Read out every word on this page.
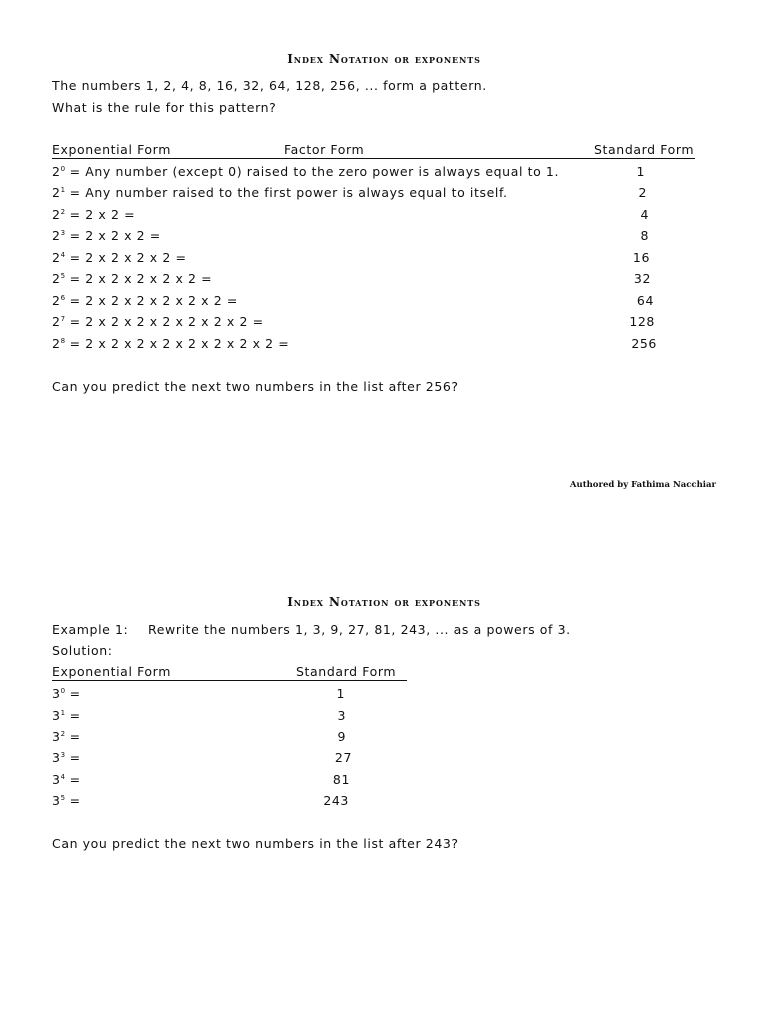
Index Notation or exponents
The numbers 1, 2, 4, 8, 16, 32, 64, 128, 256, ... form a pattern.
What is the rule for this pattern?
Exponential Form	Factor Form	Standard Form
$2^0$ = Any number (except 0) raised to the zero power is always equal to 1.	1
$2^1$ = Any number raised to the first power is always equal to itself.	2
$2^2 = 2$ x 2 =	4
$2^3 = 2$ x 2 x 2 =	8
$2^4 = 2$ x 2 x 2 x 2 =	16
$2^5 = 2$ x 2 x 2 x 2 x 2 =	32
$2^6 = 2$ x 2 x 2 x 2 x 2 x 2 =	64
$2^7 = 2$ x 2 x 2 x 2 x 2 x 2 x 2 =	128
$2^8 = 2$ x 2 x 2 x 2 x 2 x 2 x 2 x 2 =	256
Can you predict the next two numbers in the list after 256?
Authored by Fathima Nacchiar
Index Notation or exponents
Example 1: Rewrite the numbers 1, 3, 9, 27, 81, 243, ... as a powers of 3.
Solution:
Exponential Form	Standard Form
$3^0$ =	1
$3^1$ =	3
$3^2$ =	9
$3^3$ =	27
$3^4$ =	81
$3^5$ =	243
Can you predict the next two numbers in the list after 243?
